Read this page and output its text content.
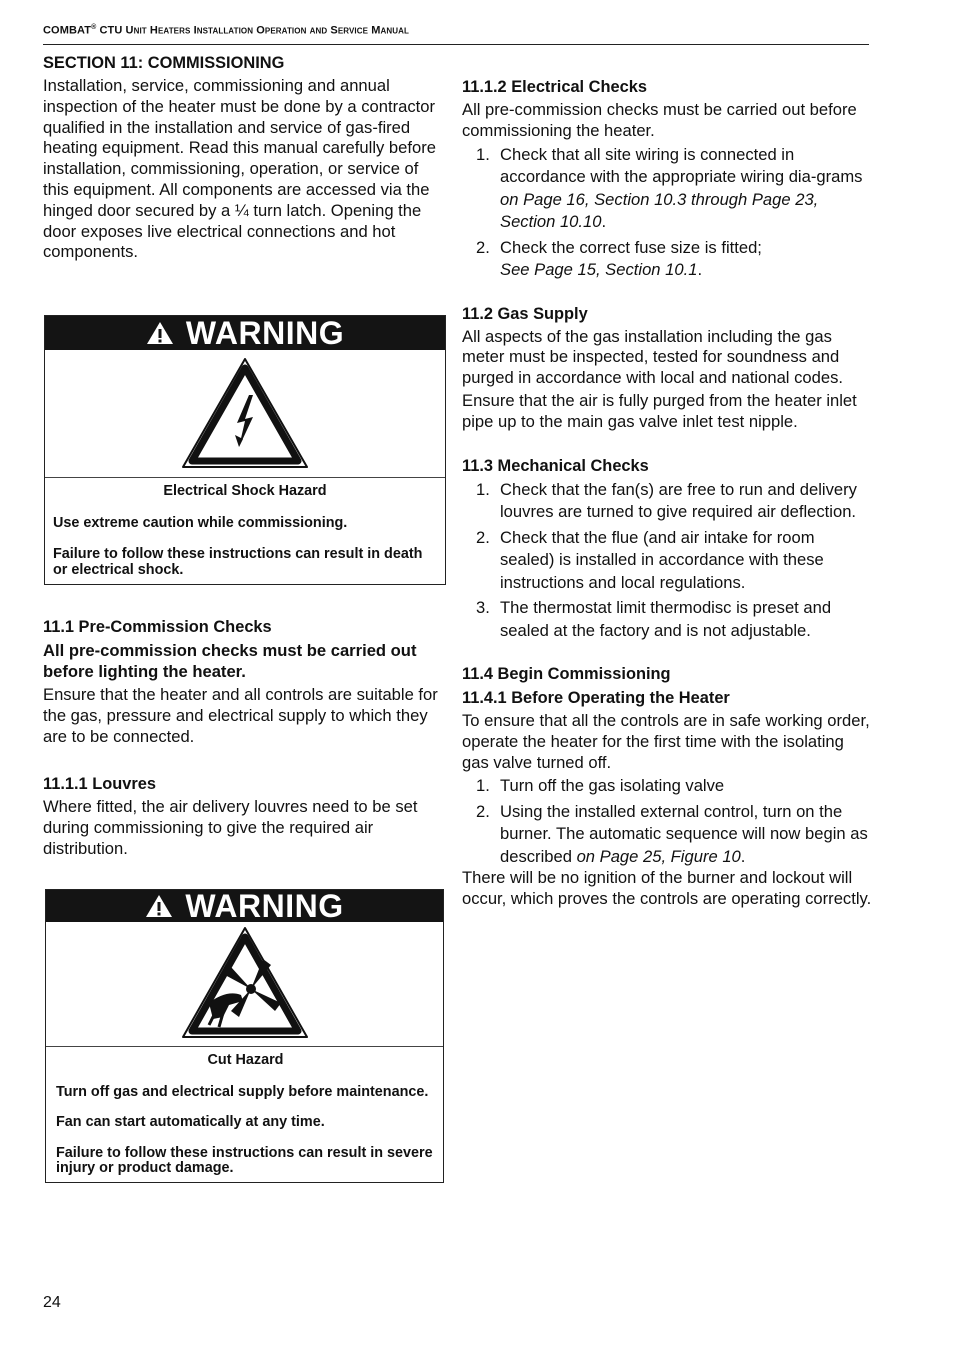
COMBAT® CTU Unit Heaters Installation Operation and Service Manual
SECTION 11: COMMISSIONING

Installation, service, commissioning and annual inspection of the heater must be done by a contractor qualified in the installation and service of gas-fired heating equipment. Read this manual carefully before installation, commissioning, operation, or service of this equipment. All components are accessed via the hinged door secured by a ¼ turn latch. Opening the door exposes live electrical connections and hot components.

WARNING
Electrical Shock Hazard
Use extreme caution while commissioning.
Failure to follow these instructions can result in death or electrical shock.
11.1 Pre-Commission Checks

All pre-commission checks must be carried out before lighting the heater.

Ensure that the heater and all controls are suitable for the gas, pressure and electrical supply to which they are to be connected.

11.1.1 Louvres

Where fitted, the air delivery louvres need to be set during commissioning to give the required air distribution.

WARNING
Cut Hazard
Turn off gas and electrical supply before maintenance.
Fan can start automatically at any time.
Failure to follow these instructions can result in severe injury or product damage.
11.1.2 Electrical Checks

All pre-commission checks must be carried out before commissioning the heater.

1. Check that all site wiring is connected in accordance with the appropriate wiring dia-grams on Page 16, Section 10.3 through Page 23, Section 10.10.
2. Check the correct fuse size is fitted;
See Page 15, Section 10.1.
11.2 Gas Supply

All aspects of the gas installation including the gas meter must be inspected, tested for soundness and purged in accordance with local and national codes.

Ensure that the air is fully purged from the heater inlet pipe up to the main gas valve inlet test nipple.

11.3 Mechanical Checks
1. Check that the fan(s) are free to run and delivery louvres are turned to give required air deflection.
2. Check that the flue (and air intake for room sealed) is installed in accordance with these instructions and local regulations.
3. The thermostat limit thermodisc is preset and sealed at the factory and is not adjustable.
11.4 Begin Commissioning
11.4.1 Before Operating the Heater

To ensure that all the controls are in safe working order, operate the heater for the first time with the isolating gas valve turned off.

1. Turn off the gas isolating valve
2. Using the installed external control, turn on the burner. The automatic sequence will now begin as described on Page 25, Figure 10.

There will be no ignition of the burner and lockout will occur, which proves the controls are operating correctly.

24
